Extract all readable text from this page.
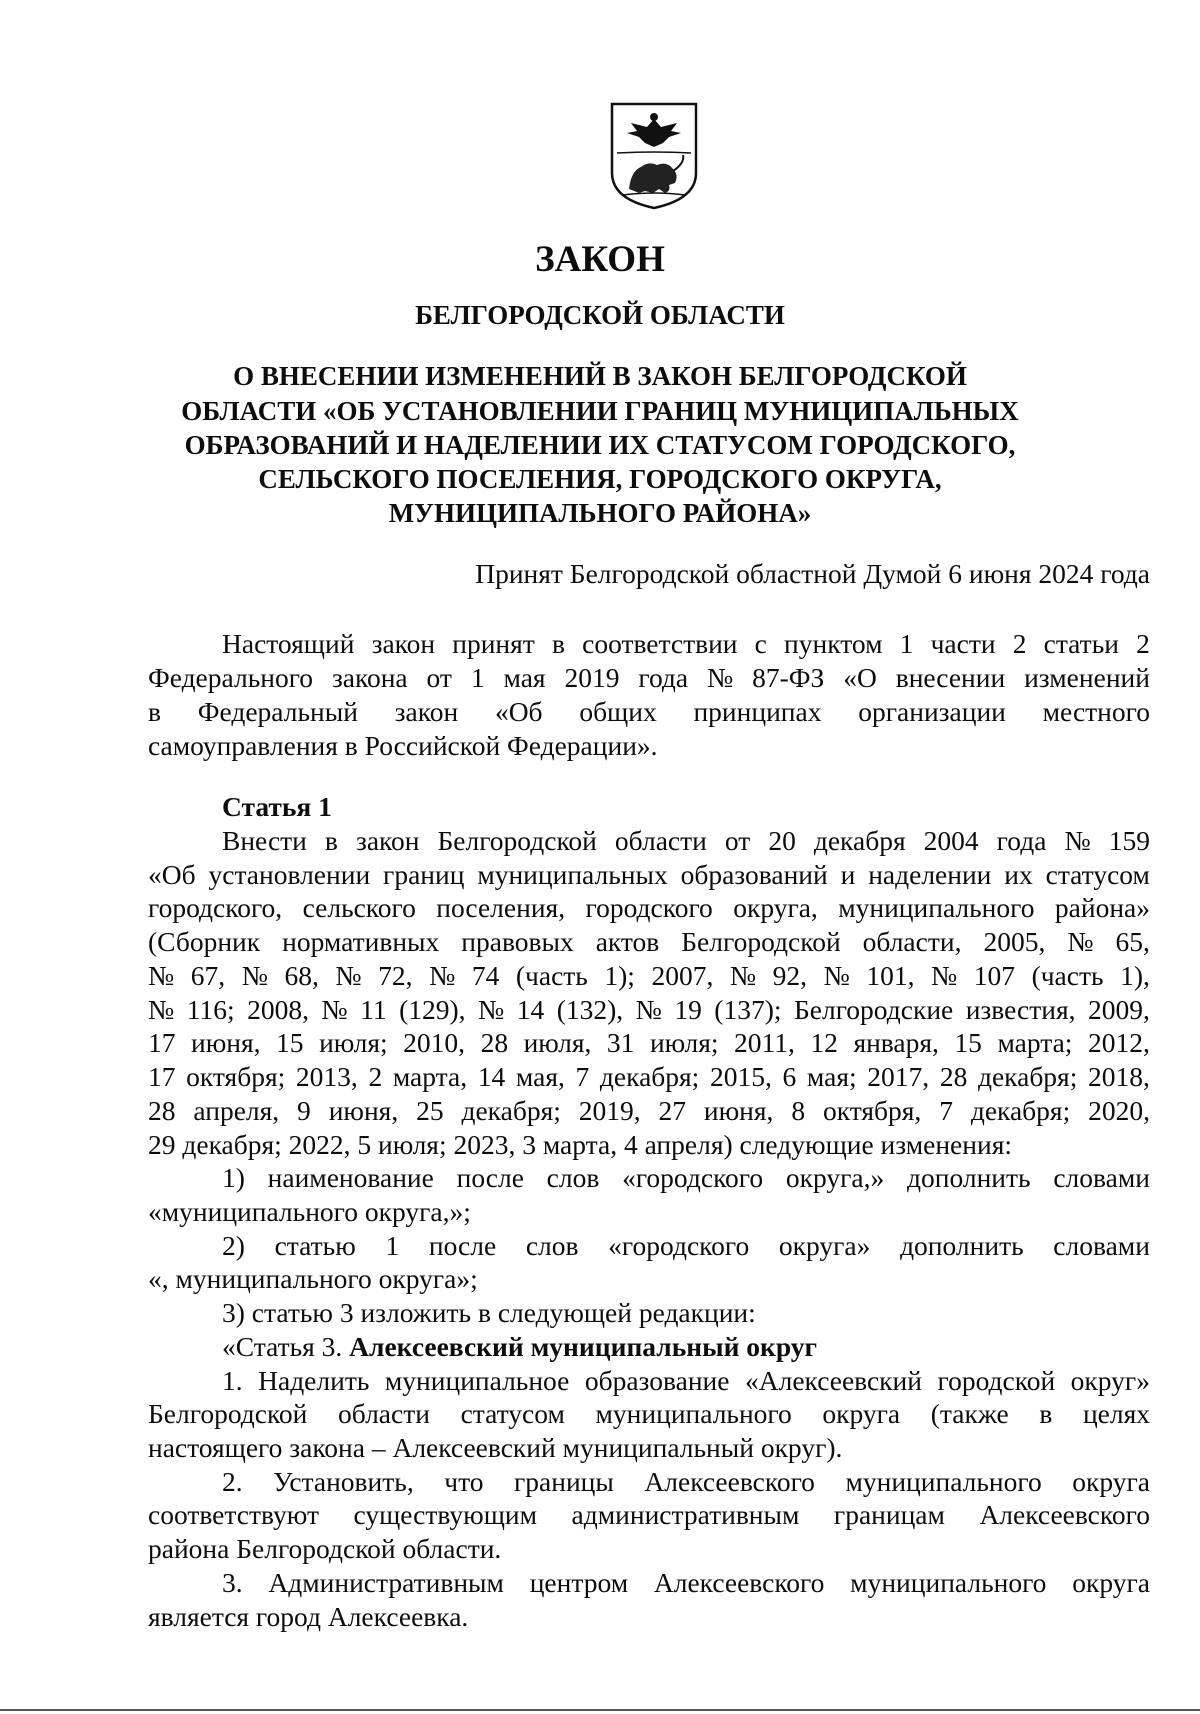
ЗАКОН
БЕЛГОРОДСКОЙ ОБЛАСТИ
О ВНЕСЕНИИ ИЗМЕНЕНИЙ В ЗАКОН БЕЛГОРОДСКОЙ
ОБЛАСТИ «ОБ УСТАНОВЛЕНИИ ГРАНИЦ МУНИЦИПАЛЬНЫХ
ОБРАЗОВАНИЙ И НАДЕЛЕНИИ ИХ СТАТУСОМ ГОРОДСКОГО,
СЕЛЬСКОГО ПОСЕЛЕНИЯ, ГОРОДСКОГО ОКРУГА,
МУНИЦИПАЛЬНОГО РАЙОНА»
Принят Белгородской областной Думой 6 июня 2024 года
Настоящий закон принят в соответствии с пунктом 1 части 2 статьи 2
Федерального закона от 1 мая 2019 года № 87-ФЗ «О внесении изменений
в Федеральный закон «Об общих принципах организации местного
самоуправления в Российской Федерации».
Статья 1
Внести в закон Белгородской области от 20 декабря 2004 года № 159
«Об установлении границ муниципальных образований и наделении их статусом
городского, сельского поселения, городского округа, муниципального района»
(Сборник нормативных правовых актов Белгородской области, 2005, № 65,
№ 67, № 68, № 72, № 74 (часть 1); 2007, № 92, № 101, № 107 (часть 1),
№ 116; 2008, № 11 (129), № 14 (132), № 19 (137); Белгородские известия, 2009,
17 июня, 15 июля; 2010, 28 июля, 31 июля; 2011, 12 января, 15 марта; 2012,
17 октября; 2013, 2 марта, 14 мая, 7 декабря; 2015, 6 мая; 2017, 28 декабря; 2018,
28 апреля, 9 июня, 25 декабря; 2019, 27 июня, 8 октября, 7 декабря; 2020,
29 декабря; 2022, 5 июля; 2023, 3 марта, 4 апреля) следующие изменения:
1) наименование после слов «городского округа,» дополнить словами
«муниципального округа,»;
2) статью 1 после слов «городского округа» дополнить словами
«, муниципального округа»;
3) статью 3 изложить в следующей редакции:
«Статья 3. Алексеевский муниципальный округ
1. Наделить муниципальное образование «Алексеевский городской округ»
Белгородской области статусом муниципального округа (также в целях
настоящего закона – Алексеевский муниципальный округ).
2. Установить, что границы Алексеевского муниципального округа
соответствуют существующим административным границам Алексеевского
района Белгородской области.
3. Административным центром Алексеевского муниципального округа
является город Алексеевка.
